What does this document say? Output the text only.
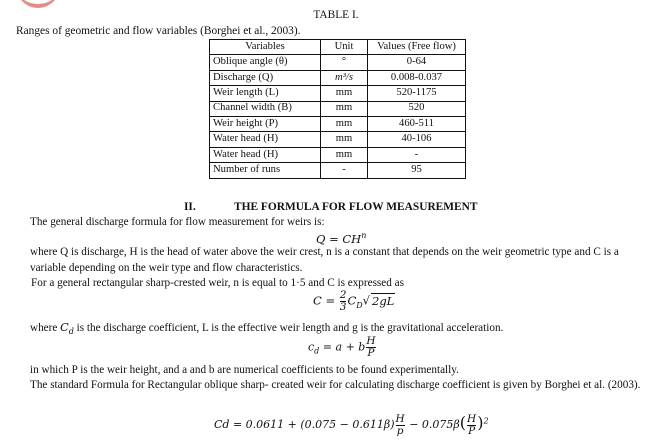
TABLE I.
Ranges of geometric and flow variables (Borghei et al., 2003).
Variables	Unit	Values (Free flow)
Oblique angle (θ)	°	0-64
Discharge (Q)	m³/s	0.008-0.037
Weir length (L)	mm	520-1175
Channel width (B)	mm	520
Weir height (P)	mm	460-511
Water head (H)	mm	40-106
Water head (H)	mm	-
Number of runs	-	95
II.	THE FORMULA FOR FLOW MEASUREMENT
The general discharge formula for flow measurement for weirs is:
$Q = CH^n$
where Q is discharge, H is the head of water above the weir crest, n is a constant that depends on the weir geometric type and C is a variable depending on the weir type and flow characteristics.
For a general rectangular sharp-crested weir, n is equal to 1·5 and C is expressed as
$C = \frac{2}{3} C_D√$ 2gL
where $C_d$ is the discharge coefficient, L is the effective weir length and g is the gravitational acceleration.
$c_d = a + b \frac{H}{P}$
in which P is the weir height, and a and b are numerical coefficients to be found experimentally.
The standard Formula for Rectangular oblique sharp- created weir for calculating discharge coefficient is given by Borghei et al. (2003).
$Cd = 0.0611 + (0.075 - 0.611\beta) \frac{H}{p} - 0.075\beta( \frac{H}{P} )^2$
